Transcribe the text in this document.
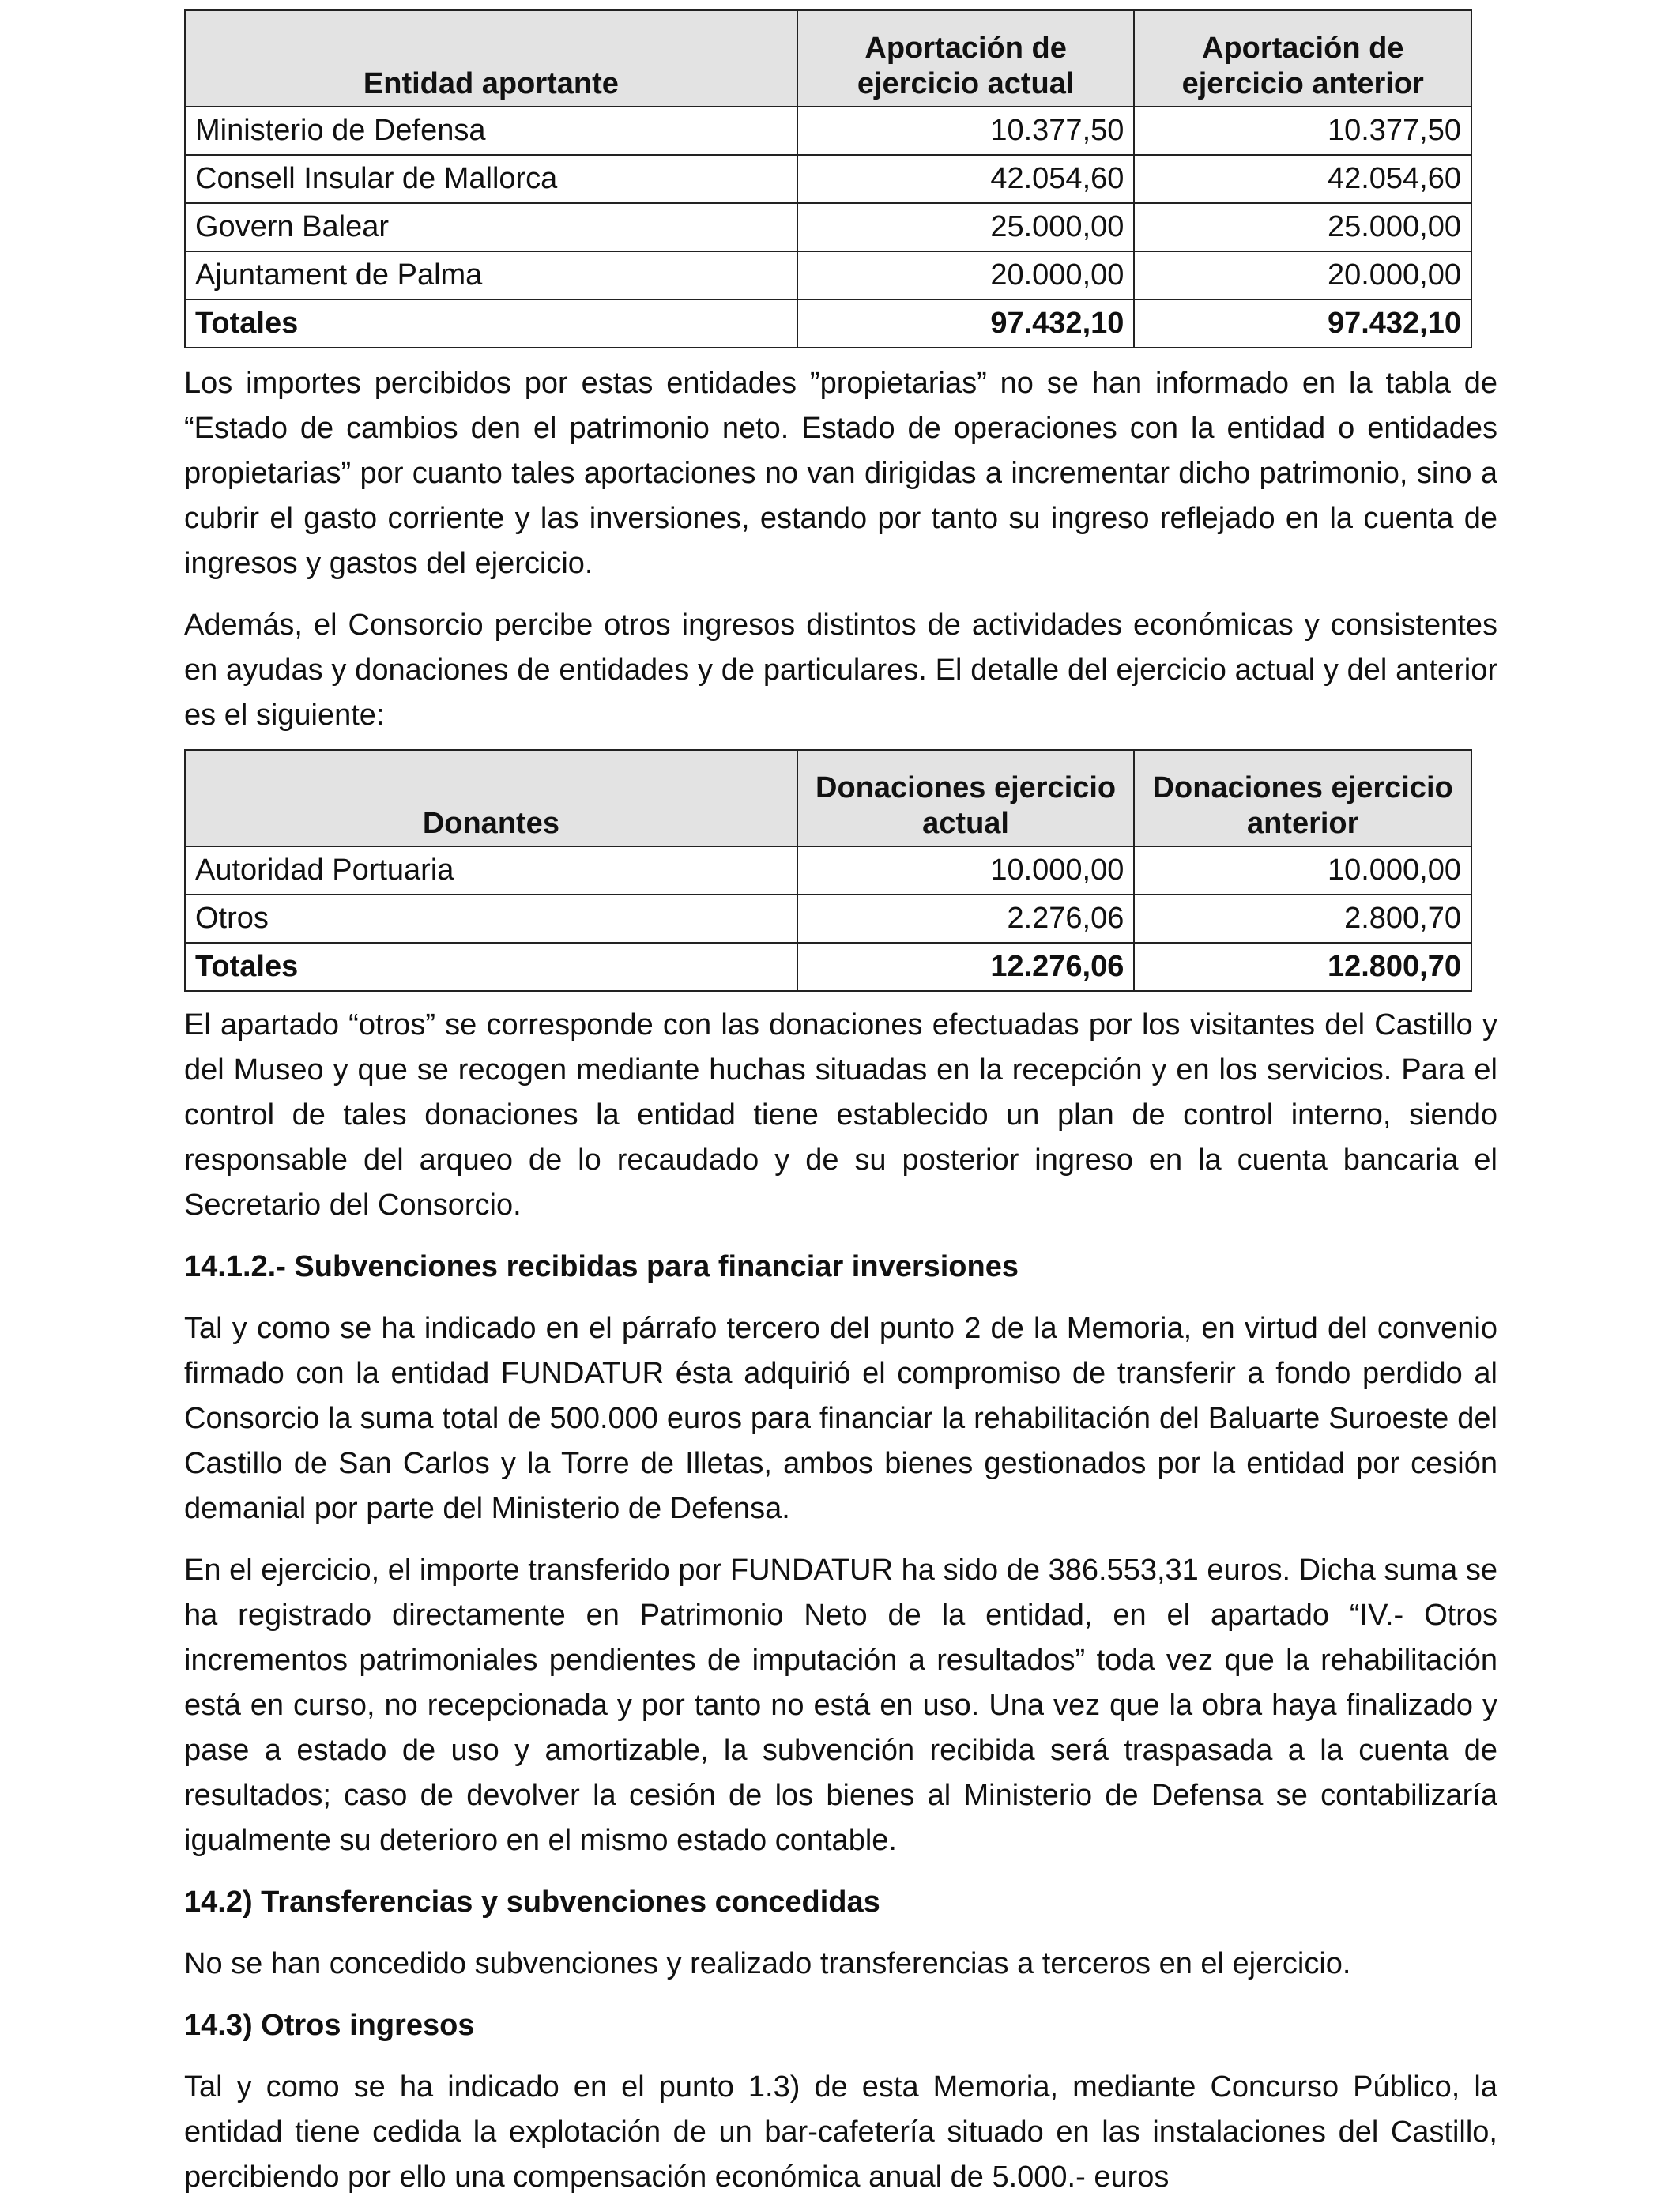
Entidad aportante	Aportación de ejercicio actual	Aportación de ejercicio anterior
Ministerio de Defensa	10.377,50	10.377,50
Consell Insular de Mallorca	42.054,60	42.054,60
Govern Balear	25.000,00	25.000,00
Ajuntament de Palma	20.000,00	20.000,00
Totales	97.432,10	97.432,10

Los importes percibidos por estas entidades ”propietarias” no se han informado en la tabla de “Estado de cambios den el patrimonio neto. Estado de operaciones con la entidad o entidades propietarias” por cuanto tales aportaciones no van dirigidas a incrementar dicho patrimonio, sino a cubrir el gasto corriente y las inversiones, estando por tanto su ingreso reflejado en la cuenta de ingresos y gastos del ejercicio.

Además, el Consorcio percibe otros ingresos distintos de actividades económicas y consistentes en ayudas y donaciones de entidades y de particulares. El detalle del ejercicio actual y del anterior es el siguiente:

Donantes	Donaciones ejercicio actual	Donaciones ejercicio anterior
Autoridad Portuaria	10.000,00	10.000,00
Otros	2.276,06	2.800,70
Totales	12.276,06	12.800,70

El apartado “otros” se corresponde con las donaciones efectuadas por los visitantes del Castillo y del Museo y que se recogen mediante huchas situadas en la recepción y en los servicios. Para el control de tales donaciones la entidad tiene establecido un plan de control interno, siendo responsable del arqueo de lo recaudado y de su posterior ingreso en la cuenta bancaria el Secretario del Consorcio.

14.1.2.- Subvenciones recibidas para financiar inversiones

Tal y como se ha indicado en el párrafo tercero del punto 2 de la Memoria, en virtud del convenio firmado con la entidad FUNDATUR ésta adquirió el compromiso de transferir a fondo perdido al Consorcio la suma total de 500.000 euros para financiar la rehabilitación del Baluarte Suroeste del Castillo de San Carlos y la Torre de Illetas, ambos bienes gestionados por la entidad por cesión demanial por parte del Ministerio de Defensa.

En el ejercicio, el importe transferido por FUNDATUR ha sido de 386.553,31 euros. Dicha suma se ha registrado directamente en Patrimonio Neto de la entidad, en el apartado “IV.- Otros incrementos patrimoniales pendientes de imputación a resultados” toda vez que la rehabilitación está en curso, no recepcionada y por tanto no está en uso. Una vez que la obra haya finalizado y pase a estado de uso y amortizable, la subvención recibida será traspasada a la cuenta de resultados; caso de devolver la cesión de los bienes al Ministerio de Defensa se contabilizaría igualmente su deterioro en el mismo estado contable.

14.2) Transferencias y subvenciones concedidas

No se han concedido subvenciones y realizado transferencias a terceros en el ejercicio.

14.3) Otros ingresos

Tal y como se ha indicado en el punto 1.3) de esta Memoria, mediante Concurso Público, la entidad tiene cedida la explotación de un bar-cafetería situado en las instalaciones del Castillo, percibiendo por ello una compensación económica anual de 5.000.- euros
